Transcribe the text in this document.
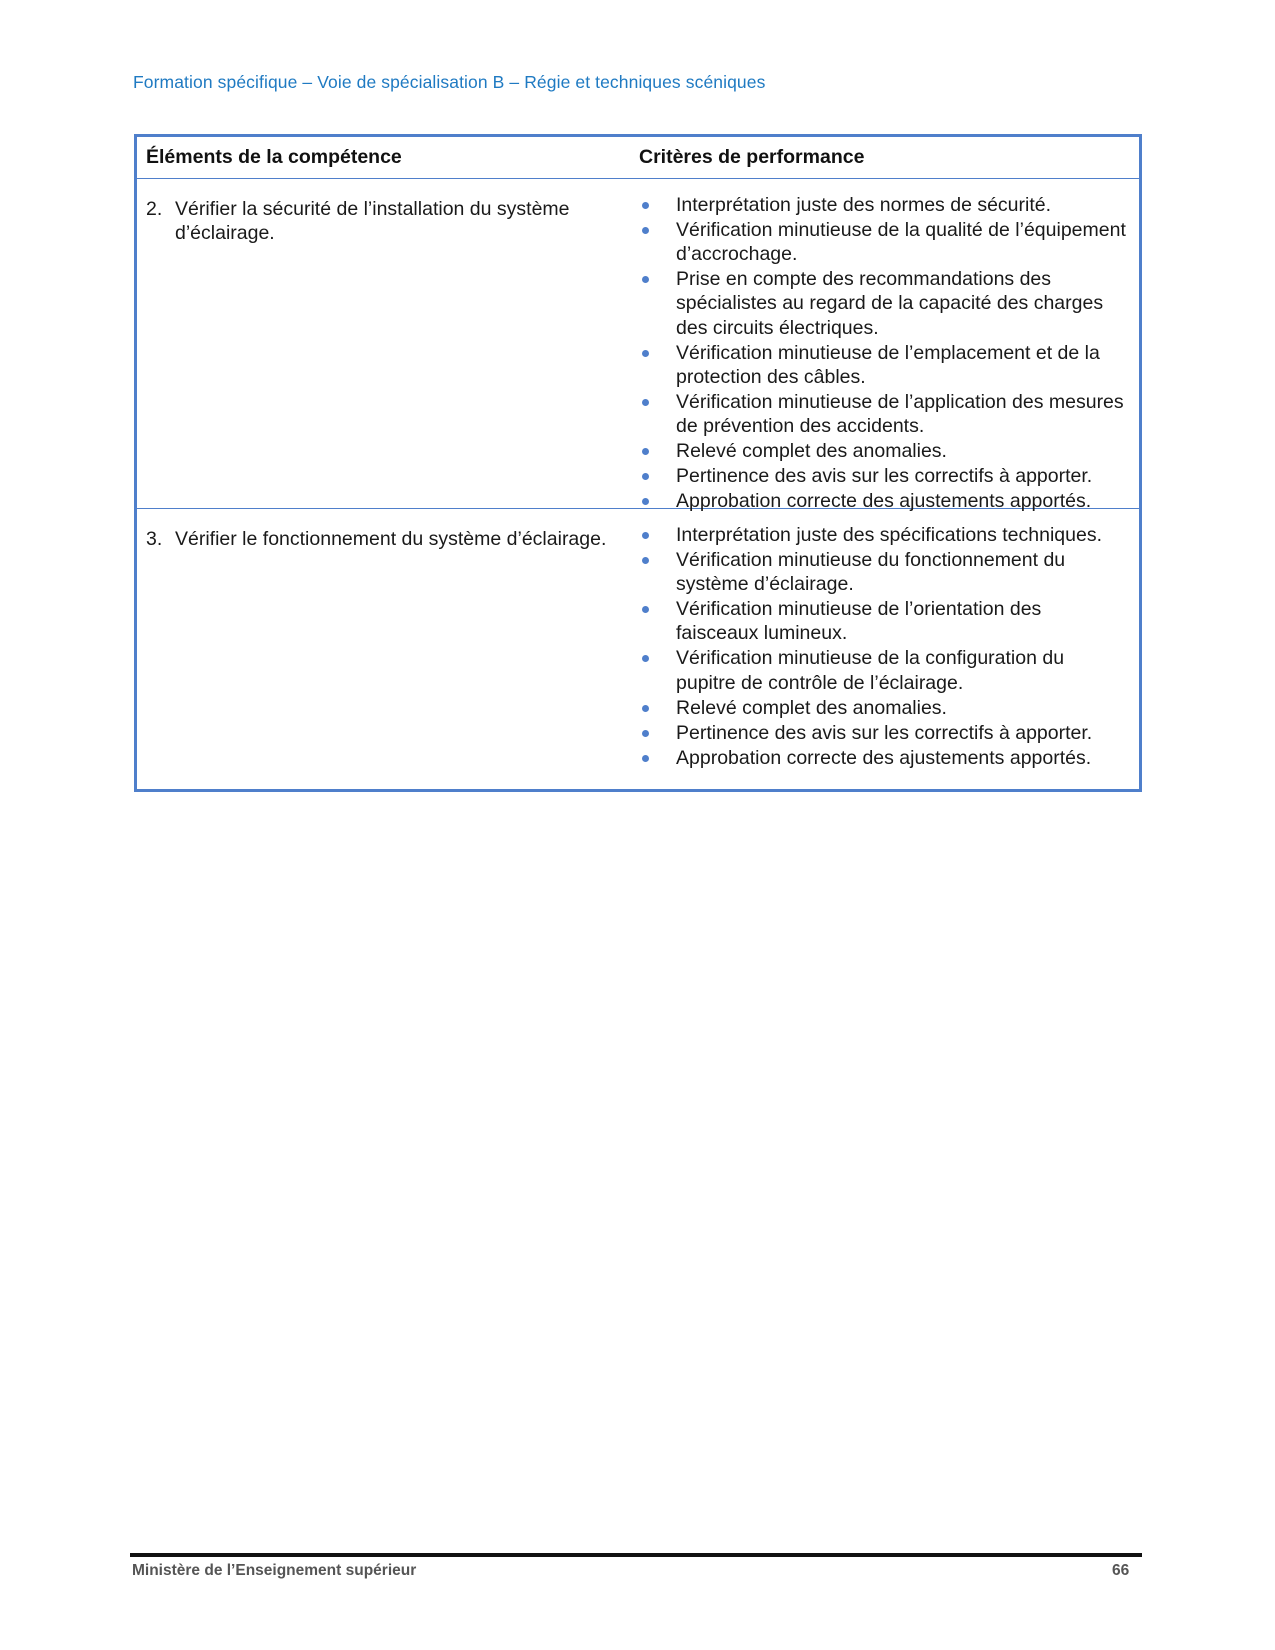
Formation spécifique – Voie de spécialisation B – Régie et techniques scéniques
Éléments de la compétence	Critères de performance
2. Vérifier la sécurité de l’installation du système d’éclairage.
Interprétation juste des normes de sécurité.
Vérification minutieuse de la qualité de l’équipement d’accrochage.
Prise en compte des recommandations des spécialistes au regard de la capacité des charges des circuits électriques.
Vérification minutieuse de l’emplacement et de la protection des câbles.
Vérification minutieuse de l’application des mesures de prévention des accidents.
Relevé complet des anomalies.
Pertinence des avis sur les correctifs à apporter.
Approbation correcte des ajustements apportés.
3. Vérifier le fonctionnement du système d’éclairage.	Interprétation juste des spécifications techniques.
Vérification minutieuse du fonctionnement du système d’éclairage.
Vérification minutieuse de l’orientation des faisceaux lumineux.
Vérification minutieuse de la configuration du pupitre de contrôle de l’éclairage.
Relevé complet des anomalies.
Pertinence des avis sur les correctifs à apporter.
Approbation correcte des ajustements apportés.
Ministère de l’Enseignement supérieur	66
